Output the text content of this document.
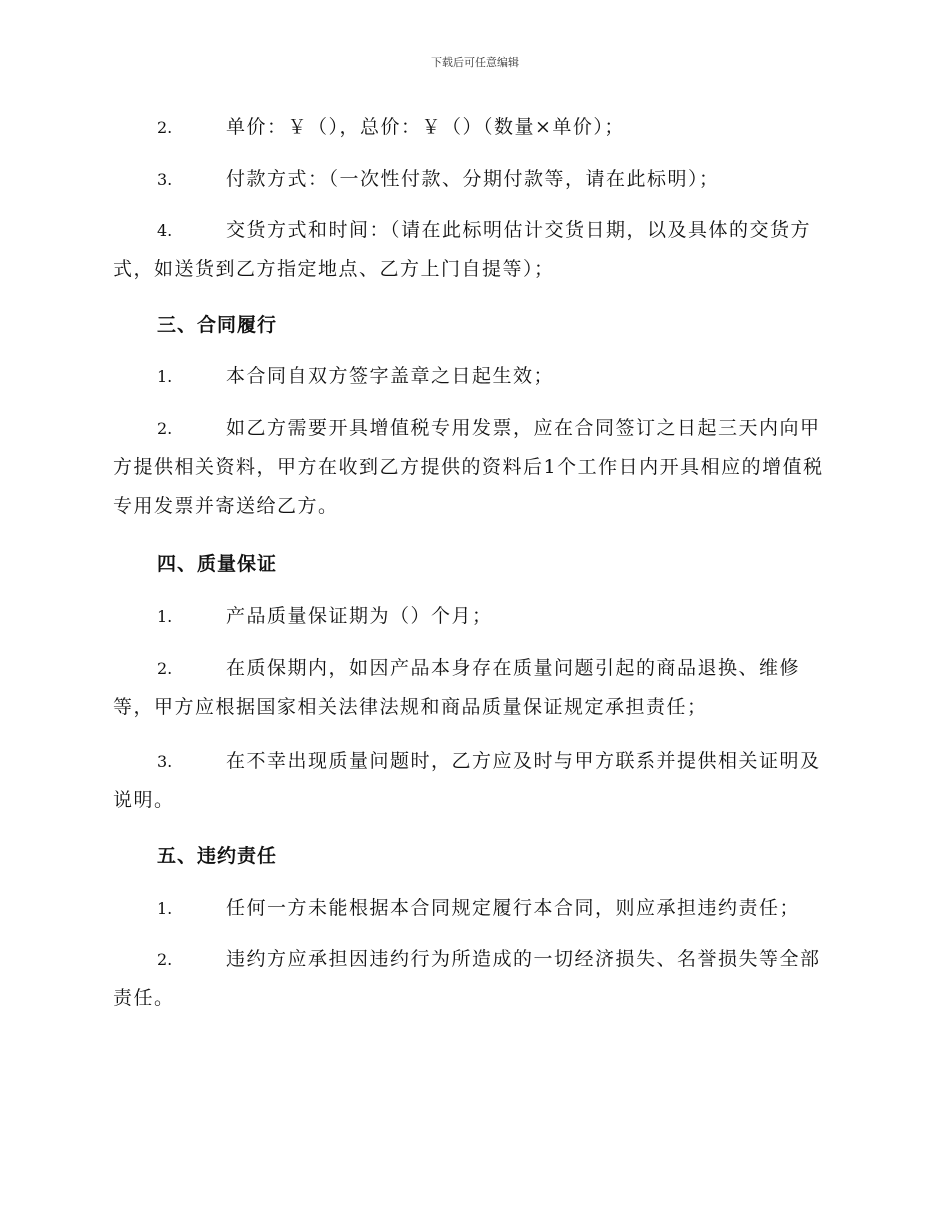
下载后可任意编辑
2.	单价：￥（），总价：￥（）（数量×单价）；
3.	付款方式：（一次性付款、分期付款等，请在此标明）；
4.	交货方式和时间：（请在此标明估计交货日期，以及具体的交货方式，如送货到乙方指定地点、乙方上门自提等）；
三、合同履行
1.	本合同自双方签字盖章之日起生效；
2.	如乙方需要开具增值税专用发票，应在合同签订之日起三天内向甲方提供相关资料，甲方在收到乙方提供的资料后1个工作日内开具相应的增值税专用发票并寄送给乙方。
四、质量保证
1.	产品质量保证期为（）个月；
2.	在质保期内，如因产品本身存在质量问题引起的商品退换、维修等，甲方应根据国家相关法律法规和商品质量保证规定承担责任；
3.	在不幸出现质量问题时，乙方应及时与甲方联系并提供相关证明及说明。
五、违约责任
1.	任何一方未能根据本合同规定履行本合同，则应承担违约责任；
2.	违约方应承担因违约行为所造成的一切经济损失、名誉损失等全部责任。
